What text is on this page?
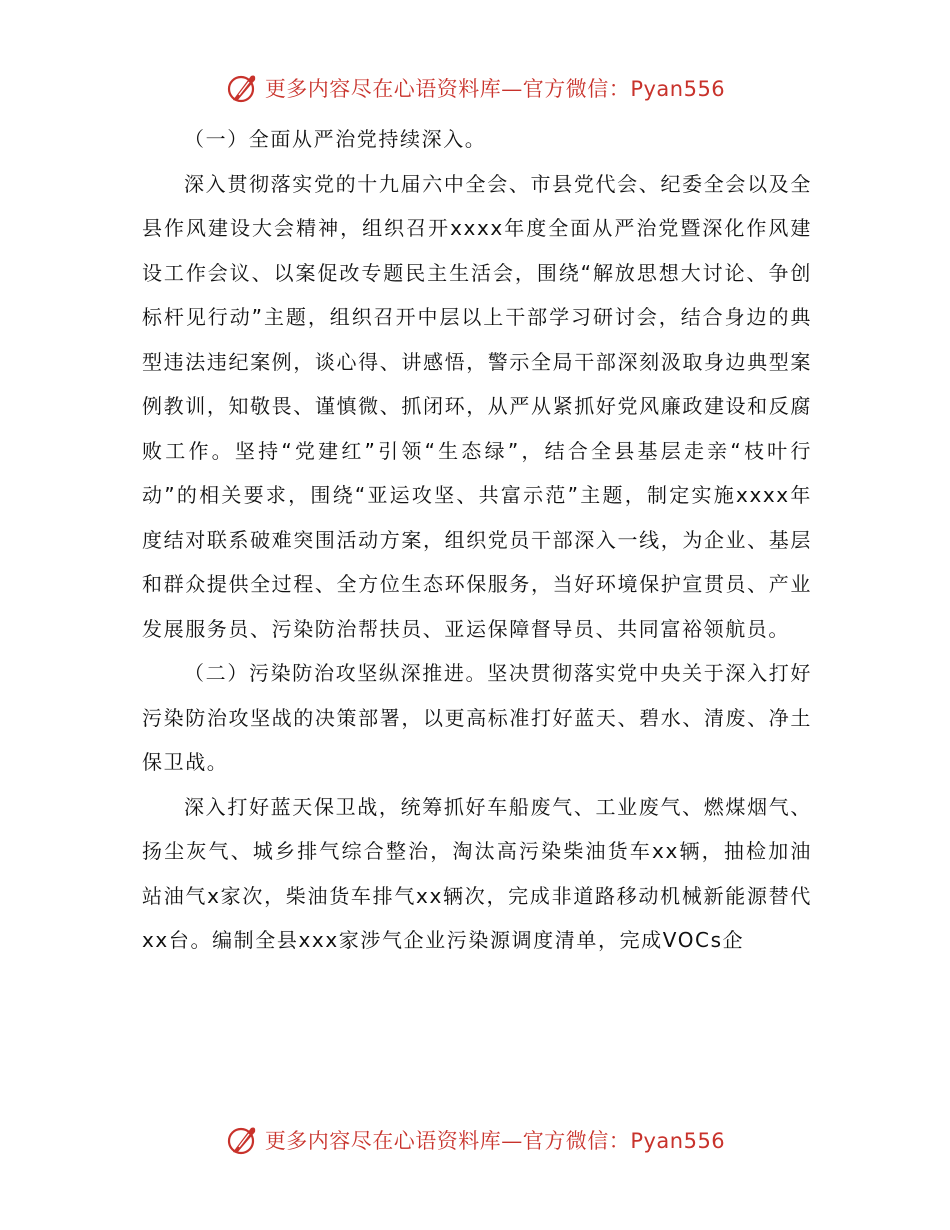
更多内容尽在心语资料库—官方微信：Pyan556

（一）全面从严治党持续深入。

深入贯彻落实党的十九届六中全会、市县党代会、纪委全会以及全县作风建设大会精神，组织召开xxxx年度全面从严治党暨深化作风建设工作会议、以案促改专题民主生活会，围绕“解放思想大讨论、争创标杆见行动”主题，组织召开中层以上干部学习研讨会，结合身边的典型违法违纪案例，谈心得、讲感悟，警示全局干部深刻汲取身边典型案例教训，知敬畏、谨慎微、抓闭环，从严从紧抓好党风廉政建设和反腐败工作。坚持“党建红”引领“生态绿”，结合全县基层走亲“枝叶行动”的相关要求，围绕“亚运攻坚、共富示范”主题，制定实施xxxx年度结对联系破难突围活动方案，组织党员干部深入一线，为企业、基层和群众提供全过程、全方位生态环保服务，当好环境保护宣贯员、产业发展服务员、污染防治帮扶员、亚运保障督导员、共同富裕领航员。

（二）污染防治攻坚纵深推进。坚决贯彻落实党中央关于深入打好污染防治攻坚战的决策部署，以更高标准打好蓝天、碧水、清废、净土保卫战。

深入打好蓝天保卫战，统筹抓好车船废气、工业废气、燃煤烟气、扬尘灰气、城乡排气综合整治，淘汰高污染柴油货车xx辆，抽检加油站油气x家次，柴油货车排气xx辆次，完成非道路移动机械新能源替代xx台。编制全县xxx家涉气企业污染源调度清单，完成VOCs企

更多内容尽在心语资料库—官方微信：Pyan556
